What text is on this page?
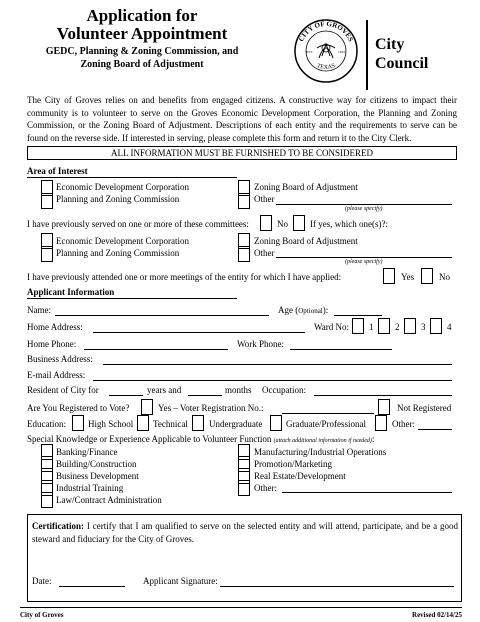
Application for
Volunteer Appointment
GEDC, Planning & Zoning Commission, and
Zoning Board of Adjustment
CITY OF GROVES
TEXAS
EST.	1952 City
Council
The City of Groves relies on and benefits from engaged citizens. A constructive way for citizens to impact their community is to volunteer to serve on the Groves Economic Development Corporation, the Planning and Zoning Commission, or the Zoning Board of Adjustment. Descriptions of each entity and the requirements to serve can be found on the reverse side. If interested in serving, please complete this form and return it to the City Clerk.
ALL INFORMATION MUST BE FURNISHED TO BE CONSIDERED
Area of Interest
Economic Development Corporation
Planning and Zoning Commission
Zoning Board of Adjustment
Other
(please specify)
I have previously served on one or more of these committees:	No If yes, which one(s)?:
Economic Development Corporation
Planning and Zoning Commission
Zoning Board of Adjustment
Other
(please specify)
I have previously attended one or more meetings of the entity for which I have applied:	Yes	No
Applicant Information
Name:	Age (Optional):
Home Address:	Ward No: 1 2 3 4
Home Phone:	Work Phone:
Business Address:
E-mail Address:
Resident of City for	years and	months Occupation:
Are You Registered to Vote?	Yes – Voter Registration No.:	Not Registered
Education: High School Technical Undergraduate	Graduate/Professional	Other:
Special Knowledge or Experience Applicable to Volunteer Function (attach additional information if needed):
Banking/Finance
Building/Construction
Business Development
Industrial Training
Law/Contract Administration
Manufacturing/Industrial Operations
Promotion/Marketing
Real Estate/Development
Other:
Certification: I certify that I am qualified to serve on the selected entity and will attend, participate, and be a good steward and fiduciary for the City of Groves.
Date:	Applicant Signature:
City of Groves	Revised 02/14/25
